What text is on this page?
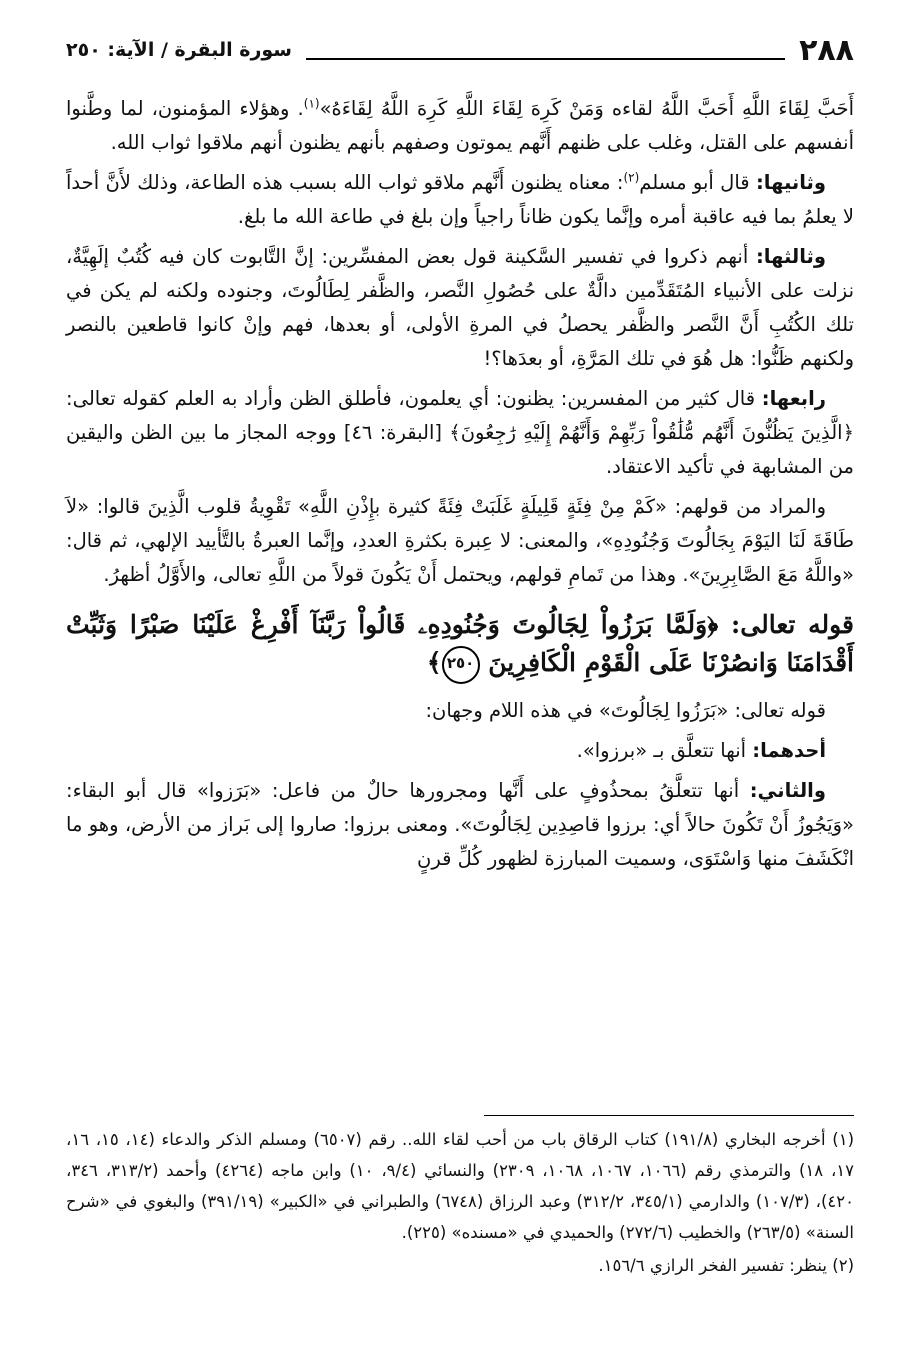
٢٨٨
سورة البقرة / الآية: ٢٥٠

أَحَبَّ لِقَاءَ اللَّهِ أَحَبَّ اللَّهُ لقاءه وَمَنْ كَرِهَ لِقَاءَ اللَّهِ كَرِهَ اللَّهُ لِقَاءَهُ»$^{(١)}$. وهؤلاء المؤمنون، لما وطَّنوا أنفسهم على القتل، وغلب على ظنهم أَنَّهم يموتون وصفهم بأنهم يظنون أنهم ملاقوا ثواب الله.

وثانيها: قال أبو مسلم$^{(٢)}$: معناه يظنون أَنَّهم ملاقو ثواب الله بسبب هذه الطاعة، وذلك لأَنَّ أحداً لا يعلمُ بما فيه عاقبة أمره وإنَّما يكون ظاناً راجياً وإن بلغ في طاعة الله ما بلغ.

وثالثها: أنهم ذكروا في تفسير السَّكينة قول بعض المفسِّرين: إنَّ التَّابوت كان فيه كُتُبٌ إلَهِيَّةٌ، نزلت على الأنبياء المُتَقَدِّمين دالَّةٌ على حُصُولِ النَّصر، والظَّفر لِطَالُوتَ، وجنوده ولكنه لم يكن في تلك الكُتُبِ أَنَّ النَّصر والظَّفر يحصلُ في المرةِ الأولى، أو بعدها، فهم وإنْ كانوا قاطعين بالنصر ولكنهم ظَنُّوا: هل هُوَ في تلك المَرَّةِ، أو بعدَها؟!

رابعها: قال كثير من المفسرين: يظنون: أي يعلمون، فأطلق الظن وأراد به العلم كقوله تعالى: ﴿الَّذِينَ يَظُنُّونَ أَنَّهُم مُّلَٰقُواْ رَبِّهِمْ وَأَنَّهُمْ إِلَيْهِ رَٰجِعُونَ﴾ [البقرة: ٤٦] ووجه المجاز ما بين الظن واليقين من المشابهة في تأكيد الاعتقاد.

والمراد من قولهم: «كَمْ مِنْ فِئَةٍ قَلِيلَةٍ غَلَبَتْ فِئَةً كثيرة بإِذْنِ اللَّهِ» تَقْوِيةُ قلوب الَّذِينَ قالوا: «لاَ طَاقَةَ لَنَا اليَوْمَ بِجَالُوتَ وَجُنُودِهِ»، والمعنى: لا عِبرة بكثرةِ العددِ، وإنَّما العبرةُ بالتَّأييد الإلهي، ثم قال: «واللَّهُ مَعَ الصَّابِرِينَ». وهذا من تَمامِ قولهم، ويحتمل أَنْ يَكُونَ قولاً من اللَّهِ تعالى، والأَوَّلُ أظهرُ.

قوله تعالى: ﴿وَلَمَّا بَرَزُواْ لِجَالُوتَ وَجُنُودِهِۦ قَالُواْ رَبَّنَآ أَفْرِغْ عَلَيْنَا صَبْرًا وَثَبِّتْ أَقْدَامَنَا وَانصُرْنَا عَلَى الْقَوْمِ الْكَافِرِينَ ٢٥٠﴾

قوله تعالى: «بَرَزُوا لِجَالُوتَ» في هذه اللام وجهان:

أحدهما: أنها تتعلَّق بـ «برزوا».

والثاني: أنها تتعلَّقُ بمحذُوفٍ على أَنَّها ومجرورها حالٌ من فاعل: «بَرَزوا» قال أبو البقاء: «وَيَجُوزُ أَنْ تَكُونَ حالاً أي: برزوا قاصِدِين لِجَالُوتَ». ومعنى برزوا: صاروا إلى بَراز من الأرض، وهو ما انْكَشَفَ منها وَاسْتَوَى، وسميت المبارزة لظهور كُلِّ قرنٍ

(١) أخرجه البخاري (١٩١/٨) كتاب الرقاق باب من أحب لقاء الله.. رقم (٦٥٠٧) ومسلم الذكر والدعاء (١٤، ١٥، ١٦، ١٧، ١٨) والترمذي رقم (١٠٦٦، ١٠٦٧، ١٠٦٨، ٢٣٠٩) والنسائي (٩/٤، ١٠) وابن ماجه (٤٢٦٤) وأحمد (٣١٣/٢، ٣٤٦، ٤٢٠)، (١٠٧/٣) والدارمي (٣٤٥/١، ٣١٢/٢) وعبد الرزاق (٦٧٤٨) والطبراني في «الكبير» (٣٩١/١٩) والبغوي في «شرح السنة» (٢٦٣/٥) والخطيب (٢٧٢/٦) والحميدي في «مسنده» (٢٢٥).

(٢) ينظر: تفسير الفخر الرازي ١٥٦/٦.
